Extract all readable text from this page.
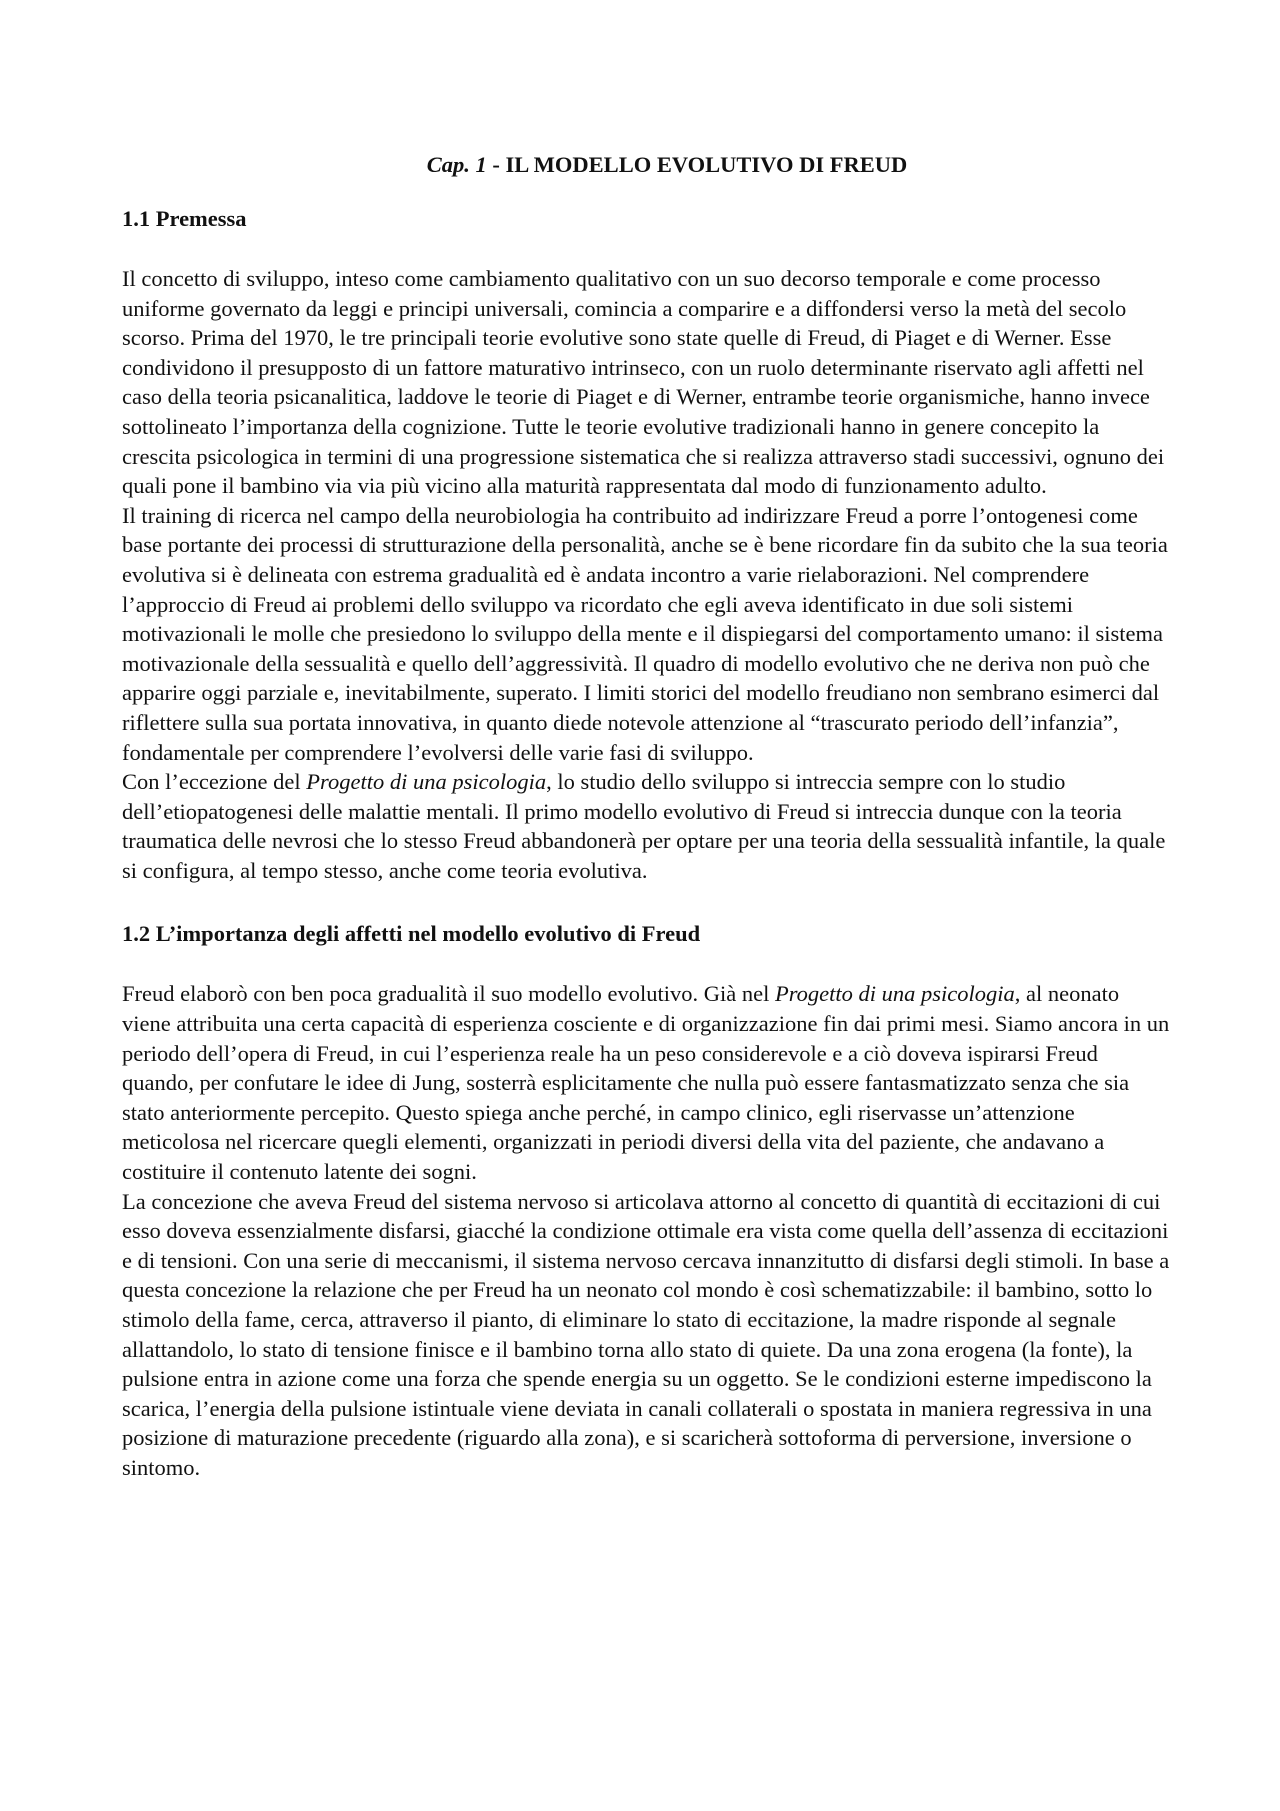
Cap. 1 - IL MODELLO EVOLUTIVO DI FREUD
1.1 Premessa

Il concetto di sviluppo, inteso come cambiamento qualitativo con un suo decorso temporale e come processo uniforme governato da leggi e principi universali, comincia a comparire e a diffondersi verso la metà del secolo scorso. Prima del 1970, le tre principali teorie evolutive sono state quelle di Freud, di Piaget e di Werner. Esse condividono il presupposto di un fattore maturativo intrinseco, con un ruolo determinante riservato agli affetti nel caso della teoria psicanalitica, laddove le teorie di Piaget e di Werner, entrambe teorie organismiche, hanno invece sottolineato l’importanza della cognizione. Tutte le teorie evolutive tradizionali hanno in genere concepito la crescita psicologica in termini di una progressione sistematica che si realizza attraverso stadi successivi, ognuno dei quali pone il bambino via via più vicino alla maturità rappresentata dal modo di funzionamento adulto.

Il training di ricerca nel campo della neurobiologia ha contribuito ad indirizzare Freud a porre l’ontogenesi come base portante dei processi di strutturazione della personalità, anche se è bene ricordare fin da subito che la sua teoria evolutiva si è delineata con estrema gradualità ed è andata incontro a varie rielaborazioni. Nel comprendere l’approccio di Freud ai problemi dello sviluppo va ricordato che egli aveva identificato in due soli sistemi motivazionali le molle che presiedono lo sviluppo della mente e il dispiegarsi del comportamento umano: il sistema motivazionale della sessualità e quello dell’aggressività. Il quadro di modello evolutivo che ne deriva non può che apparire oggi parziale e, inevitabilmente, superato. I limiti storici del modello freudiano non sembrano esimerci dal riflettere sulla sua portata innovativa, in quanto diede notevole attenzione al “trascurato periodo dell’infanzia”, fondamentale per comprendere l’evolversi delle varie fasi di sviluppo.

Con l’eccezione del Progetto di una psicologia, lo studio dello sviluppo si intreccia sempre con lo studio dell’etiopatogenesi delle malattie mentali. Il primo modello evolutivo di Freud si intreccia dunque con la teoria traumatica delle nevrosi che lo stesso Freud abbandonerà per optare per una teoria della sessualità infantile, la quale si configura, al tempo stesso, anche come teoria evolutiva.

1.2 L’importanza degli affetti nel modello evolutivo di Freud

Freud elaborò con ben poca gradualità il suo modello evolutivo. Già nel Progetto di una psicologia, al neonato viene attribuita una certa capacità di esperienza cosciente e di organizzazione fin dai primi mesi. Siamo ancora in un periodo dell’opera di Freud, in cui l’esperienza reale ha un peso considerevole e a ciò doveva ispirarsi Freud quando, per confutare le idee di Jung, sosterrà esplicitamente che nulla può essere fantasmatizzato senza che sia stato anteriormente percepito. Questo spiega anche perché, in campo clinico, egli riservasse un’attenzione meticolosa nel ricercare quegli elementi, organizzati in periodi diversi della vita del paziente, che andavano a costituire il contenuto latente dei sogni.

La concezione che aveva Freud del sistema nervoso si articolava attorno al concetto di quantità di eccitazioni di cui esso doveva essenzialmente disfarsi, giacché la condizione ottimale era vista come quella dell’assenza di eccitazioni e di tensioni. Con una serie di meccanismi, il sistema nervoso cercava innanzitutto di disfarsi degli stimoli. In base a questa concezione la relazione che per Freud ha un neonato col mondo è così schematizzabile: il bambino, sotto lo stimolo della fame, cerca, attraverso il pianto, di eliminare lo stato di eccitazione, la madre risponde al segnale allattandolo, lo stato di tensione finisce e il bambino torna allo stato di quiete. Da una zona erogena (la fonte), la pulsione entra in azione come una forza che spende energia su un oggetto. Se le condizioni esterne impediscono la scarica, l’energia della pulsione istintuale viene deviata in canali collaterali o spostata in maniera regressiva in una posizione di maturazione precedente (riguardo alla zona), e si scaricherà sottoforma di perversione, inversione o sintomo.
